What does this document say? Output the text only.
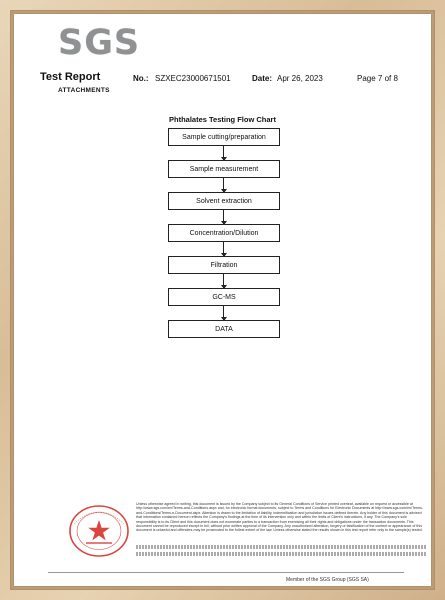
SGS
Test Report
ATTACHMENTS
No.: SZXEC23000671501	Date: Apr 26, 2023	Page 7 of 8
Phthalates Testing Flow Chart
Sample cutting/preparation
Sample measurement
Solvent extraction
Concentration/Dilution
Filtration
GC-MS
DATA
Unless otherwise agreed in writing, this document is issued by the Company subject to its General Conditions of Service printed overleaf, available on request or accessible at http://www.sgs.com/en/Terms-and-Conditions.aspx and, for electronic format documents, subject to Terms and Conditions for Electronic Documents at http://www.sgs.com/en/Terms-and-Conditions/Terms-e-Document.aspx. Attention is drawn to the limitation of liability, indemnification and jurisdiction issues defined therein. Any holder of this document is advised that information contained hereon reflects the Company's findings at the time of its intervention only and within the limits of Client's instructions, if any. The Company's sole responsibility is to its Client and this document does not exonerate parties to a transaction from exercising all their rights and obligations under the transaction documents. This document cannot be reproduced except in full, without prior written approval of the Company. Any unauthorized alteration, forgery or falsification of the content or appearance of this document is unlawful and offenders may be prosecuted to the fullest extent of the law. Unless otherwise stated the results shown in this test report refer only to the sample(s) tested.
Member of the SGS Group (SGS SA)
